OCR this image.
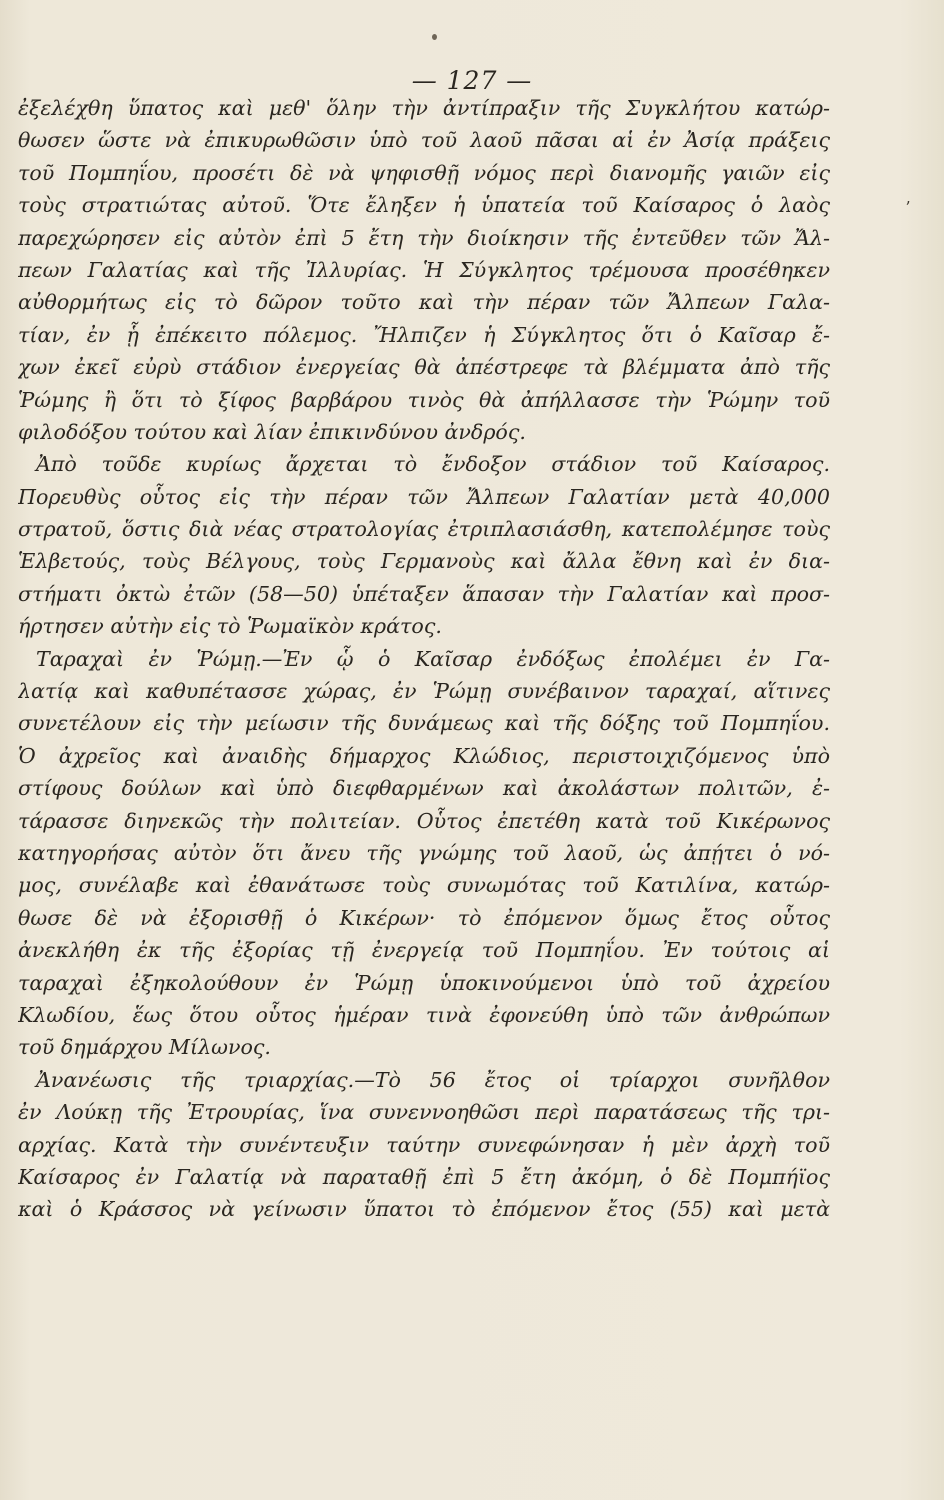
— 127 —
ʼ
ἐξελέχθη ὕπατος καὶ μεθ' ὅλην τὴν ἀντίπραξιν τῆς Συγκλήτου κατώρ-
θωσεν ὥστε νὰ ἐπικυρωθῶσιν ὑπὸ τοῦ λαοῦ πᾶσαι αἱ ἐν Ἀσίᾳ πράξεις
τοῦ Πομπηΐου, προσέτι δὲ νὰ ψηφισθῇ νόμος περὶ διανομῆς γαιῶν εἰς
τοὺς στρατιώτας αὐτοῦ. Ὅτε ἔληξεν ἡ ὑπατεία τοῦ Καίσαρος ὁ λαὸς
παρεχώρησεν εἰς αὐτὸν ἐπὶ 5 ἔτη τὴν διοίκησιν τῆς ἐντεῦθεν τῶν Ἄλ-
πεων Γαλατίας καὶ τῆς Ἰλλυρίας. Ἡ Σύγκλητος τρέμουσα προσέθηκεν
αὐθορμήτως εἰς τὸ δῶρον τοῦτο καὶ τὴν πέραν τῶν Ἄλπεων Γαλα-
τίαν, ἐν ᾗ ἐπέκειτο πόλεμος. Ἤλπιζεν ἡ Σύγκλητος ὅτι ὁ Καῖσαρ ἔ-
χων ἐκεῖ εὐρὺ στάδιον ἐνεργείας θὰ ἀπέστρεφε τὰ βλέμματα ἀπὸ τῆς
Ῥώμης ἢ ὅτι τὸ ξίφος βαρβάρου τινὸς θὰ ἀπήλλασσε τὴν Ῥώμην τοῦ
φιλοδόξου τούτου καὶ λίαν ἐπικινδύνου ἀνδρός.
Ἀπὸ τοῦδε κυρίως ἄρχεται τὸ ἔνδοξον στάδιον τοῦ Καίσαρος.
Πορευθὺς οὗτος εἰς τὴν πέραν τῶν Ἄλπεων Γαλατίαν μετὰ 40,000
στρατοῦ, ὅστις διὰ νέας στρατολογίας ἐτριπλασιάσθη, κατεπολέμησε τοὺς
Ἑλβετούς, τοὺς Βέλγους, τοὺς Γερμανοὺς καὶ ἄλλα ἔθνη καὶ ἐν δια-
στήματι ὀκτὼ ἐτῶν (58—50) ὑπέταξεν ἅπασαν τὴν Γαλατίαν καὶ προσ-
ήρτησεν αὐτὴν εἰς τὸ Ῥωμαϊκὸν κράτος.
Ταραχαὶ ἐν Ῥώμῃ.—Ἐν ᾧ ὁ Καῖσαρ ἐνδόξως ἐπολέμει ἐν Γα-
λατίᾳ καὶ καθυπέτασσε χώρας, ἐν Ῥώμῃ συνέβαινον ταραχαί, αἵτινες
συνετέλουν εἰς τὴν μείωσιν τῆς δυνάμεως καὶ τῆς δόξης τοῦ Πομπηΐου.
Ὁ ἀχρεῖος καὶ ἀναιδὴς δήμαρχος Κλώδιος, περιστοιχιζόμενος ὑπὸ
στίφους δούλων καὶ ὑπὸ διεφθαρμένων καὶ ἀκολάστων πολιτῶν, ἐ-
τάρασσε διηνεκῶς τὴν πολιτείαν. Οὗτος ἐπετέθη κατὰ τοῦ Κικέρωνος
κατηγορήσας αὐτὸν ὅτι ἄνευ τῆς γνώμης τοῦ λαοῦ, ὡς ἀπῄτει ὁ νό-
μος, συνέλαβε καὶ ἐθανάτωσε τοὺς συνωμότας τοῦ Κατιλίνα, κατώρ-
θωσε δὲ νὰ ἐξορισθῇ ὁ Κικέρων· τὸ ἐπόμενον ὅμως ἔτος οὗτος
ἀνεκλήθη ἐκ τῆς ἐξορίας τῇ ἐνεργείᾳ τοῦ Πομπηΐου. Ἐν τούτοις αἱ
ταραχαὶ ἐξηκολούθουν ἐν Ῥώμῃ ὑποκινούμενοι ὑπὸ τοῦ ἀχρείου
Κλωδίου, ἕως ὅτου οὗτος ἡμέραν τινὰ ἐφονεύθη ὑπὸ τῶν ἀνθρώπων
τοῦ δημάρχου Μίλωνος.
Ἀνανέωσις τῆς τριαρχίας.—Τὸ 56 ἔτος οἱ τρίαρχοι συνῆλθον
ἐν Λούκῃ τῆς Ἐτρουρίας, ἵνα συνεννοηθῶσι περὶ παρατάσεως τῆς τρι-
αρχίας. Κατὰ τὴν συνέντευξιν ταύτην συνεφώνησαν ἡ μὲν ἀρχὴ τοῦ
Καίσαρος ἐν Γαλατίᾳ νὰ παραταθῇ ἐπὶ 5 ἔτη ἀκόμη, ὁ δὲ Πομπήϊος
καὶ ὁ Κράσσος νὰ γείνωσιν ὕπατοι τὸ ἐπόμενον ἔτος (55) καὶ μετὰ
